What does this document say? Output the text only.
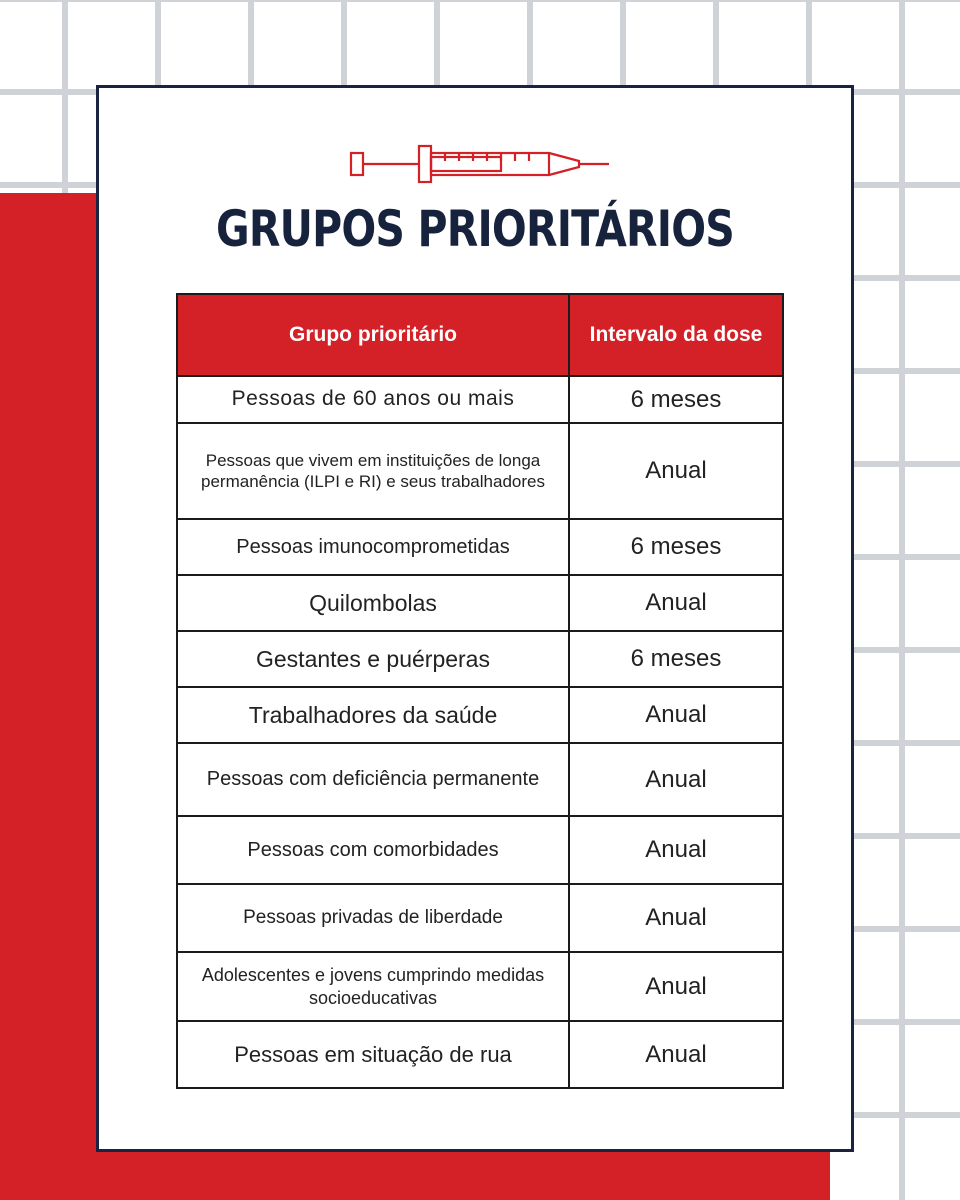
GRUPOS PRIORITÁRIOS
Grupo prioritário	Intervalo da dose
Pessoas de 60 anos ou mais	6 meses
Pessoas que vivem em instituições de longa permanência (ILPI e RI) e seus trabalhadores	Anual
Pessoas imunocomprometidas	6 meses
Quilombolas	Anual
Gestantes e puérperas	6 meses
Trabalhadores da saúde	Anual
Pessoas com deficiência permanente	Anual
Pessoas com comorbidades	Anual
Pessoas privadas de liberdade	Anual
Adolescentes e jovens cumprindo medidas socioeducativas	Anual
Pessoas em situação de rua	Anual
